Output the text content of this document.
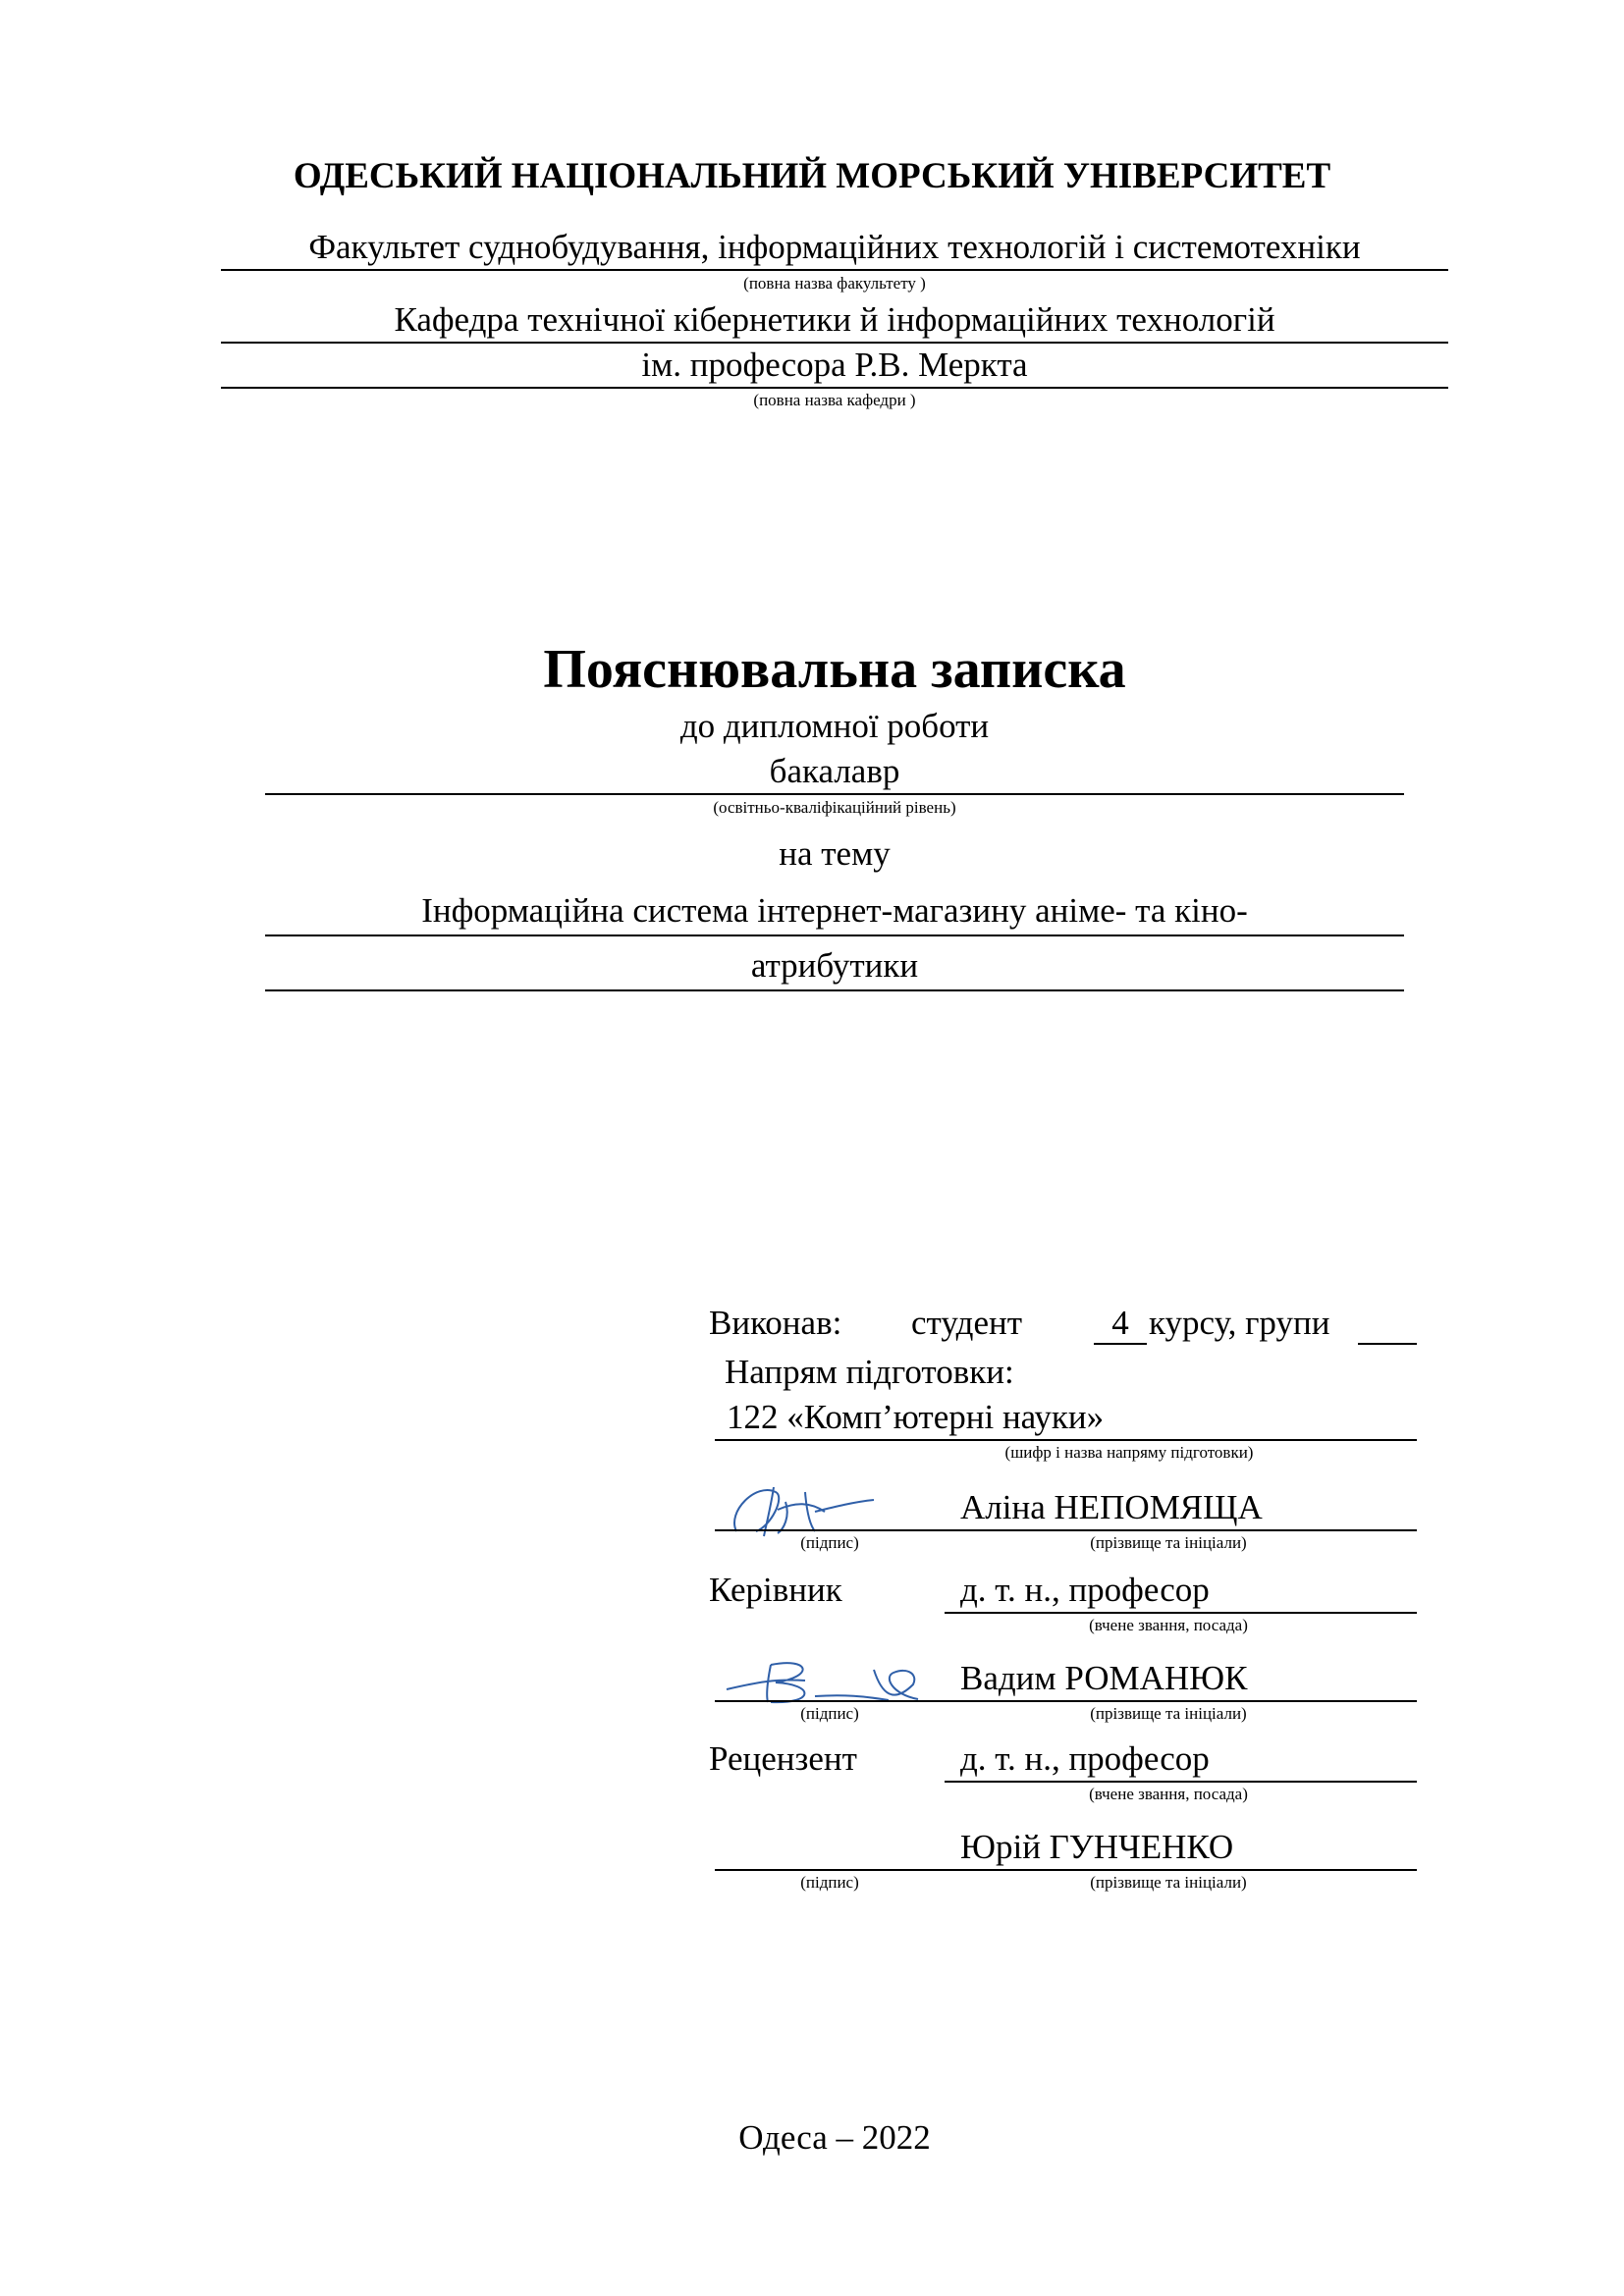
ОДЕСЬКИЙ НАЦІОНАЛЬНИЙ МОРСЬКИЙ УНІВЕРСИТЕТ
Факультет суднобудування, інформаційних технологій і системотехніки
(повна назва факультету )
Кафедра технічної кібернетики й інформаційних технологій
ім. професора Р.В. Меркта
(повна назва кафедри )
Пояснювальна записка
до дипломної роботи
бакалавр
(освітньо-кваліфікаційний рівень)
на тему
Інформаційна система інтернет-магазину аніме- та кіно-
атрибутики
Виконав: студент	4 курсу, групи
Напрям підготовки:
122 «Комп’ютерні науки»
(шифр і назва напряму підготовки)
Аліна НЕПОМЯЩА
(підпис)	(прізвище та ініціали)
Керівник	д. т. н., професор
(вчене звання, посада)
Вадим РОМАНЮК
(підпис)	(прізвище та ініціали)
Рецензент	д. т. н., професор
(вчене звання, посада)
Юрій ГУНЧЕНКО
(підпис)	(прізвище та ініціали)
Одеса – 2022
